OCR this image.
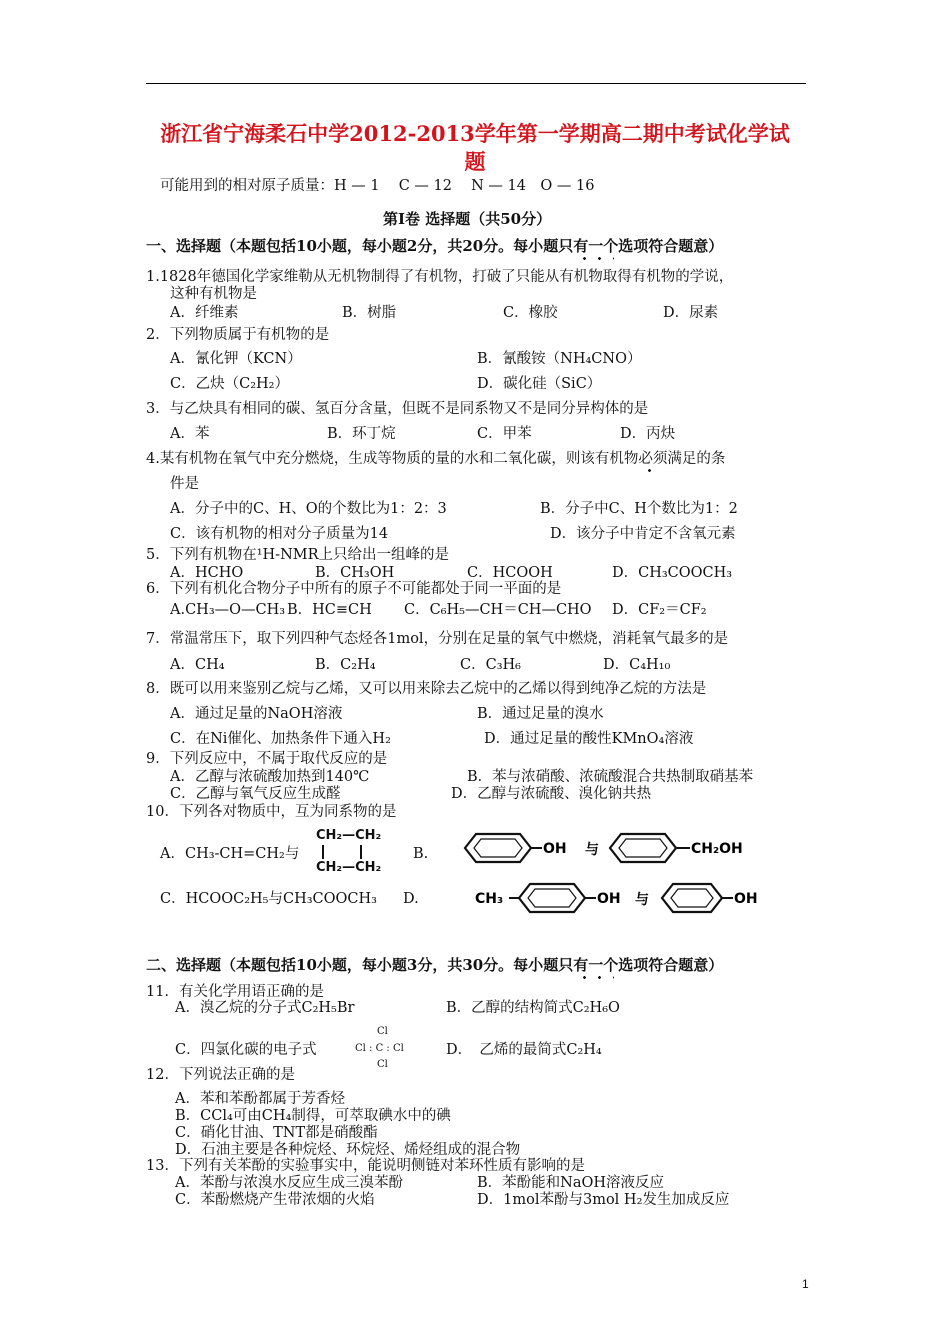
浙江省宁海柔石中学2012-2013学年第一学期高二期中考试化学试
题
可能用到的相对原子质量：H — 1　 C — 12　 N — 14　O — 16
第Ⅰ卷 选择题（共50分）
一、选择题（本题包括10小题，每小题2分，共20分。每小题只有一个选项符合题意）
1.1828年德国化学家维勒从无机物制得了有机物，打破了只能从有机物取得有机物的学说，
这种有机物是
A．纤维素	B．树脂	C．橡胶	D．尿素
2．下列物质属于有机物的是
A．氰化钾（KCN）	B．氰酸铵（NH₄CNO）
C．乙炔（C₂H₂）	D．碳化硅（SiC）
3．与乙炔具有相同的碳、氢百分含量，但既不是同系物又不是同分异构体的是
A．苯	B．环丁烷	C．甲苯	D．丙炔
4.某有机物在氧气中充分燃烧，生成等物质的量的水和二氧化碳，则该有机物必须满足的条
件是
A．分子中的C、H、O的个数比为1：2：3	B．分子中C、H个数比为1：2
C．该有机物的相对分子质量为14	D．该分子中肯定不含氧元素
5．下列有机物在¹H-NMR上只给出一组峰的是
A．HCHO	B．CH₃OH	C．HCOOH	D．CH₃COOCH₃
6．下列有机化合物分子中所有的原子不可能都处于同一平面的是
A.CH₃—O—CH₃ B．HC≡CH C．C₆H₅—CH＝CH—CHO D．CF₂＝CF₂
7．常温常压下，取下列四种气态烃各1mol，分别在足量的氧气中燃烧，消耗氧气最多的是
A．CH₄	B．C₂H₄	C．C₃H₆	D．C₄H₁₀
8．既可以用来鉴别乙烷与乙烯，又可以用来除去乙烷中的乙烯以得到纯净乙烷的方法是
A．通过足量的NaOH溶液	B．通过足量的溴水
C．在Ni催化、加热条件下通入H₂	D．通过足量的酸性KMnO₄溶液
9．下列反应中，不属于取代反应的是
A．乙醇与浓硫酸加热到140℃	B．苯与浓硝酸、浓硫酸混合共热制取硝基苯
C．乙醇与氧气反应生成醛	D．乙醇与浓硫酸、溴化钠共热
10．下列各对物质中，互为同系物的是
A．CH₃-CH=CH₂与
CH₂—CH₂
CH₂—CH₂
B.	OH 与	CH₂OH
C．HCOOC₂H₅与CH₃COOCH₃ D.	CH₃	OH 与	OH
二、选择题（本题包括10小题，每小题3分，共30分。每小题只有一个选项符合题意）
11．有关化学用语正确的是
A．溴乙烷的分子式C₂H₅Br	B．乙醇的结构简式C₂H₆O
C．四氯化碳的电子式
Cl
Cl : C : Cl
Cl
D．　乙烯的最简式C₂H₄
12．下列说法正确的是
A．苯和苯酚都属于芳香烃
B．CCl₄可由CH₄制得，可萃取碘水中的碘
C．硝化甘油、TNT都是硝酸酯
D．石油主要是各种烷烃、环烷烃、烯烃组成的混合物
13．下列有关苯酚的实验事实中，能说明侧链对苯环性质有影响的是
A．苯酚与浓溴水反应生成三溴苯酚	B．苯酚能和NaOH溶液反应
C．苯酚燃烧产生带浓烟的火焰	D．1mol苯酚与3mol H₂发生加成反应
1
